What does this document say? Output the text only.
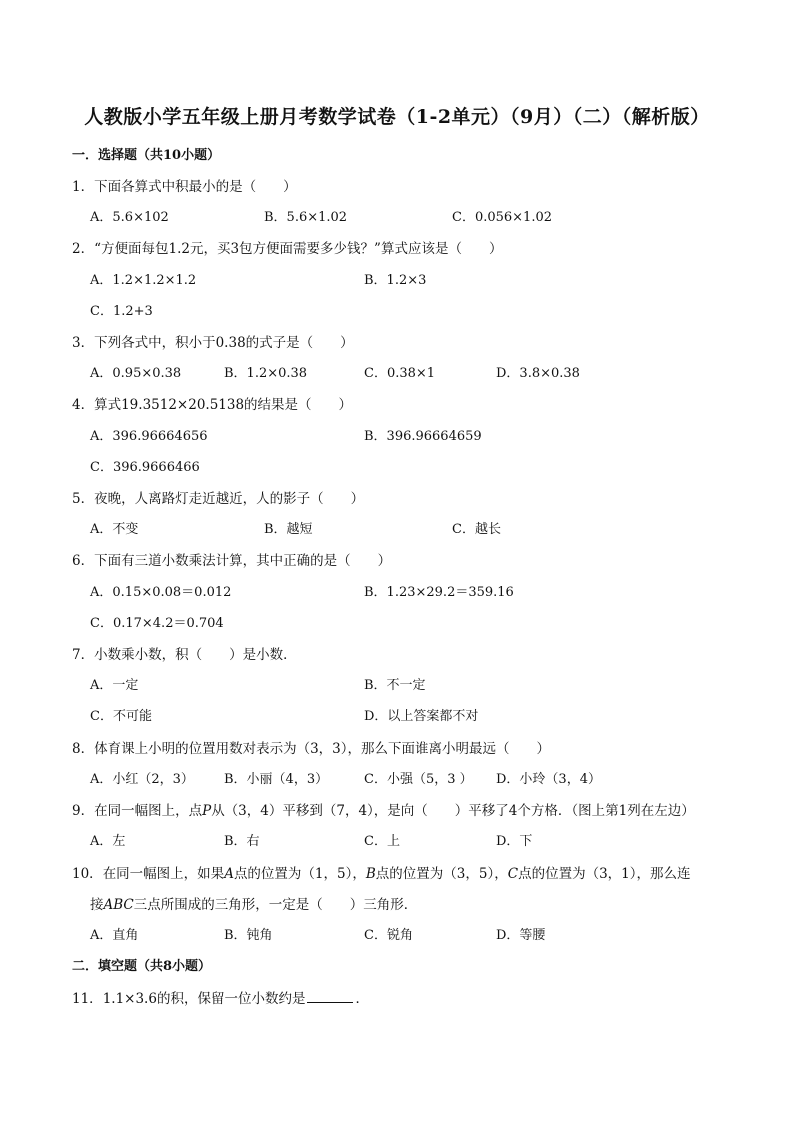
人教版小学五年级上册月考数学试卷（1-2单元）（9月）（二）（解析版）
一．选择题（共10小题）
1．下面各算式中积最小的是（　　）
A．5.6×102	B．5.6×1.02	C．0.056×1.02
2．“方便面每包1.2元，买3包方便面需要多少钱？”算式应该是（　　）
A．1.2×1.2×1.2	B．1.2×3
C．1.2+3
3．下列各式中，积小于0.38的式子是（　　）
A．0.95×0.38	B．1.2×0.38	C．0.38×1	D．3.8×0.38
4．算式19.3512×20.5138的结果是（　　）
A．396.96664656	B．396.96664659
C．396.9666466
5．夜晚，人离路灯走近越近，人的影子（　　）
A．不变	B．越短	C．越长
6．下面有三道小数乘法计算，其中正确的是（　　）
A．0.15×0.08＝0.012	B．1.23×29.2＝359.16
C．0.17×4.2＝0.704
7．小数乘小数，积（　　）是小数．
A．一定	B．不一定
C．不可能	D．以上答案都不对
8．体育课上小明的位置用数对表示为（3，3），那么下面谁离小明最远（　　）
A．小红（2，3） B．小丽（4，3）	C．小强（5，3 ） D．小玲（3，4）
9．在同一幅图上，点P从（3，4）平移到（7，4），是向（　　）平移了4个方格．（图上第1列在左边）
A．左	B．右	C．上	D．下
10．在同一幅图上，如果A点的位置为（1，5），B点的位置为（3，5），C点的位置为（3，1），那么连
接ABC三点所围成的三角形，一定是（　　）三角形．
A．直角	B．钝角	C．锐角	D．等腰
二．填空题（共8小题）
11．1.1×3.6的积，保留一位小数约是	．
